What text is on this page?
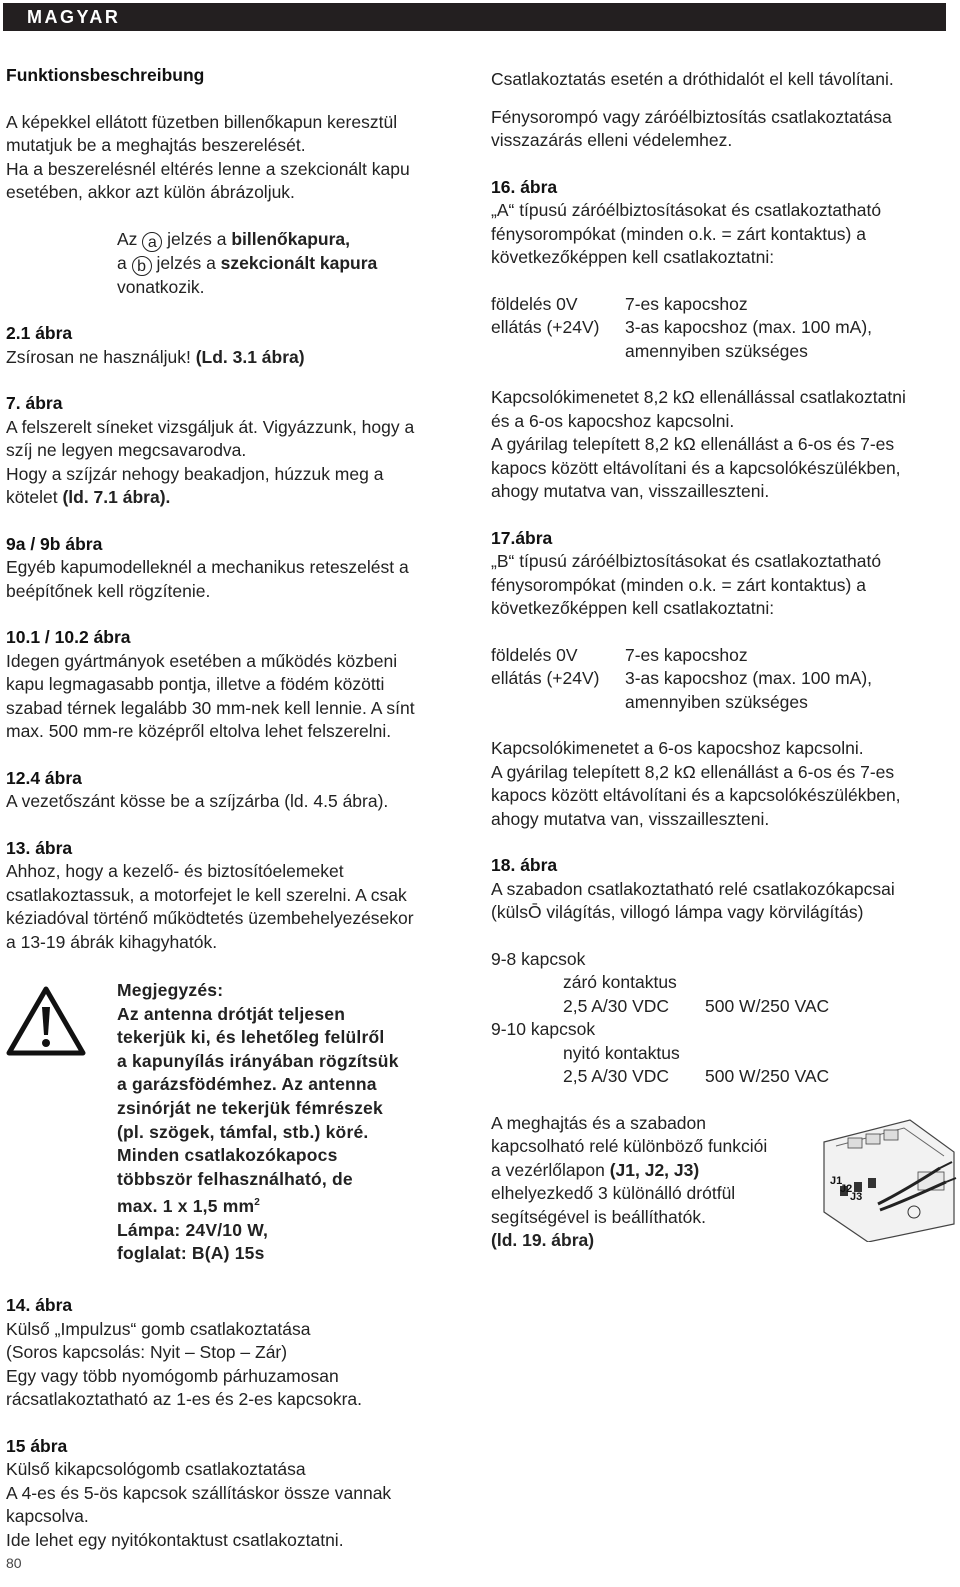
MAGYAR

Funktionsbeschreibung

A képekkel ellátott füzetben billenőkapun keresztül

mutatjuk be a meghajtás beszerelését.

Ha a beszerelésnél eltérés lenne a szekcionált kapu

esetében, akkor azt külön ábrázoljuk.

Az a jelzés a billenőkapura,

a b jelzés a szekcionált kapura

vonatkozik.

2.1 ábra

Zsírosan ne használjuk! (Ld. 3.1 ábra)

7. ábra

A felszerelt síneket vizsgáljuk át. Vigyázzunk, hogy a

szíj ne legyen megcsavarodva.

Hogy a szíjzár nehogy beakadjon, húzzuk meg a

kötelet (ld. 7.1 ábra).

9a / 9b ábra

Egyéb kapumodelleknél a mechanikus reteszelést a

beépítőnek kell rögzítenie.

10.1 / 10.2 ábra

Idegen gyártmányok esetében a működés közbeni

kapu legmagasabb pontja, illetve a födém közötti

szabad térnek legalább 30 mm-nek kell lennie. A sínt

max. 500 mm-re középről eltolva lehet felszerelni.

12.4 ábra

A vezetőszánt kösse be a szíjzárba (ld. 4.5 ábra).

13. ábra

Ahhoz, hogy a kezelő- és biztosítóelemeket

csatlakoztassuk, a motorfejet le kell szerelni. A csak

kéziadóval történő működtetés üzembehelyezésekor

a 13-19 ábrák kihagyhatók.

Megjegyzés:

Az antenna drótját teljesen

tekerjük ki, és lehetőleg felülről

a kapunyílás irányában rögzítsük

a garázsfödémhez. Az antenna

zsinórját ne tekerjük fémrészek

(pl. szögek, támfal, stb.) köré.

Minden csatlakozókapocs

többször felhasználható, de

max. 1 x 1,5 $mm^2$

Lámpa: 24V/10 W,

foglalat: B(A) 15s

14. ábra

Külső „Impulzus“ gomb csatlakoztatása

(Soros kapcsolás: Nyit – Stop – Zár)

Egy vagy több nyomógomb párhuzamosan

rácsatlakoztatható az 1-es és 2-es kapcsokra.

15 ábra

Külső kikapcsológomb csatlakoztatása

A 4-es és 5-ös kapcsok szállításkor össze vannak

kapcsolva.

Ide lehet egy nyitókontaktust csatlakoztatni.

Csatlakoztatás esetén a dróthidalót el kell távolítani.

Fénysorompó vagy záróélbiztosítás csatlakoztatása

visszazárás elleni védelemhez.

16. ábra

„A“ típusú záróélbiztosításokat és csatlakoztatható

fénysorompókat (minden o.k. = zárt kontaktus) a

következőképpen kell csatlakoztatni:

földelés 0V	7-es kapocshoz
ellátás (+24V)	3-as kapocshoz (max. 100 mA),
amennyiben szükséges

Kapcsolókimenetet 8,2 kΩ ellenállással csatlakoztatni

és a 6-os kapocshoz kapcsolni.

A gyárilag telepített 8,2 kΩ ellenállást a 6-os és 7-es

kapocs között eltávolítani és a kapcsolókészülékben,

ahogy mutatva van, visszailleszteni.

17.ábra

„B“ típusú záróélbiztosításokat és csatlakoztatható

fénysorompókat (minden o.k. = zárt kontaktus) a

következőképpen kell csatlakoztatni:

földelés 0V	7-es kapocshoz
ellátás (+24V)	3-as kapocshoz (max. 100 mA),
amennyiben szükséges

Kapcsolókimenetet a 6-os kapocshoz kapcsolni.

A gyárilag telepített 8,2 kΩ ellenállást a 6-os és 7-es

kapocs között eltávolítani és a kapcsolókészülékben,

ahogy mutatva van, visszailleszteni.

18. ábra

A szabadon csatlakoztatható relé csatlakozókapcsai

(külsŌ világítás, villogó lámpa vagy körvilágítás)

9-8 kapcsok

záró kontaktus

2,5 A/30 VDC	500 W/250 VAC

9-10 kapcsok

nyitó kontaktus

2,5 A/30 VDC	500 W/250 VAC

A meghajtás és a szabadon

kapcsolható relé különböző funkciói

a vezérlőlapon (J1, J2, J3)

elhelyezkedő 3 különálló drótfül

segítségével is beállíthatók.

(ld. 19. ábra)

J1
J2
J3
80
